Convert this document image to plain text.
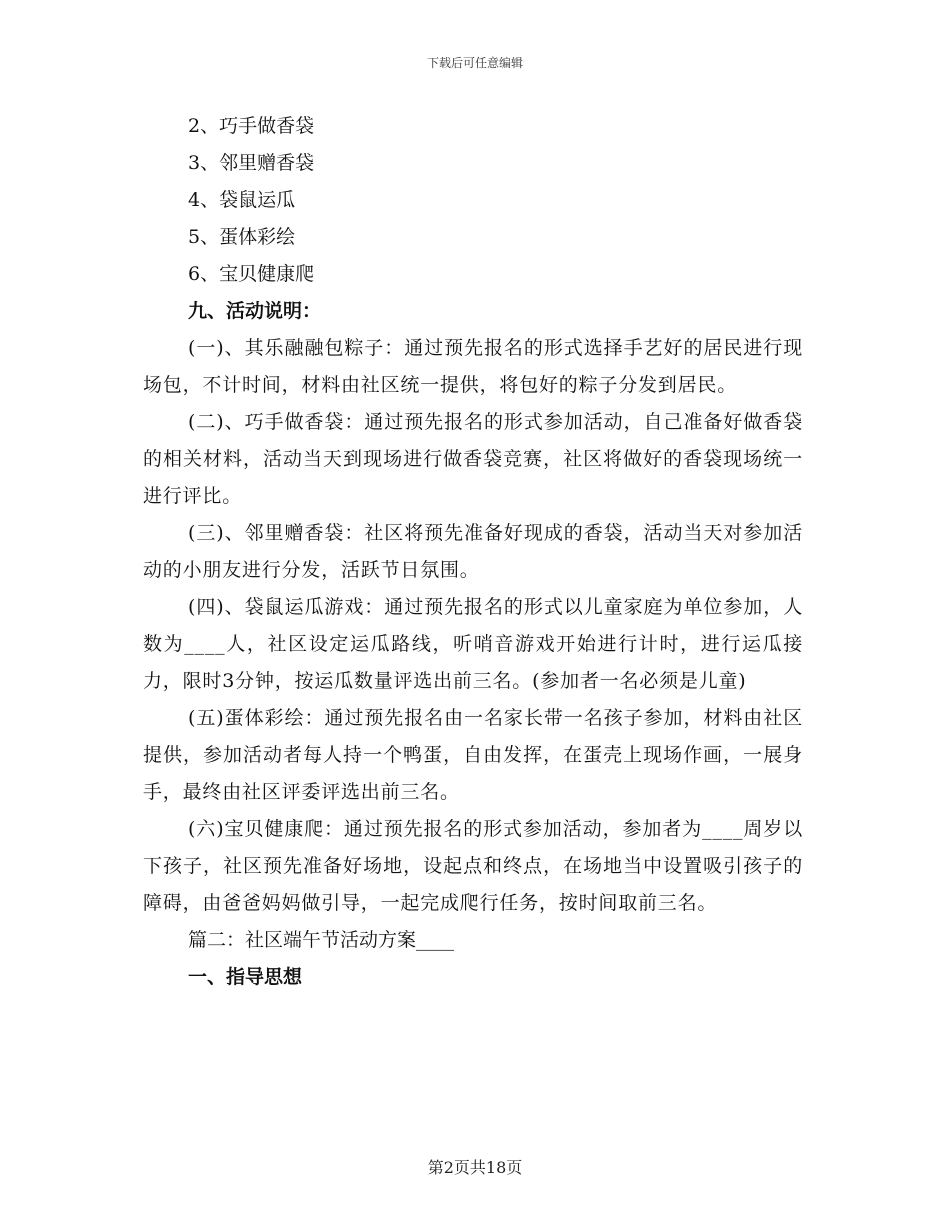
下载后可任意编辑
2、巧手做香袋
3、邻里赠香袋
4、袋鼠运瓜
5、蛋体彩绘
6、宝贝健康爬
九、活动说明：

(一)、其乐融融包粽子：通过预先报名的形式选择手艺好的居民进行现场包，不计时间，材料由社区统一提供，将包好的粽子分发到居民。

(二)、巧手做香袋：通过预先报名的形式参加活动，自己准备好做香袋的相关材料，活动当天到现场进行做香袋竞赛，社区将做好的香袋现场统一进行评比。

(三)、邻里赠香袋：社区将预先准备好现成的香袋，活动当天对参加活动的小朋友进行分发，活跃节日氛围。

(四)、袋鼠运瓜游戏：通过预先报名的形式以儿童家庭为单位参加，人数为____人，社区设定运瓜路线，听哨音游戏开始进行计时，进行运瓜接力，限时3分钟，按运瓜数量评选出前三名。(参加者一名必须是儿童)

(五)蛋体彩绘：通过预先报名由一名家长带一名孩子参加，材料由社区提供，参加活动者每人持一个鸭蛋，自由发挥，在蛋壳上现场作画，一展身手，最终由社区评委评选出前三名。

(六)宝贝健康爬：通过预先报名的形式参加活动，参加者为____周岁以下孩子，社区预先准备好场地，设起点和终点，在场地当中设置吸引孩子的障碍，由爸爸妈妈做引导，一起完成爬行任务，按时间取前三名。

篇二：社区端午节活动方案____
一、指导思想
第2页共18页
